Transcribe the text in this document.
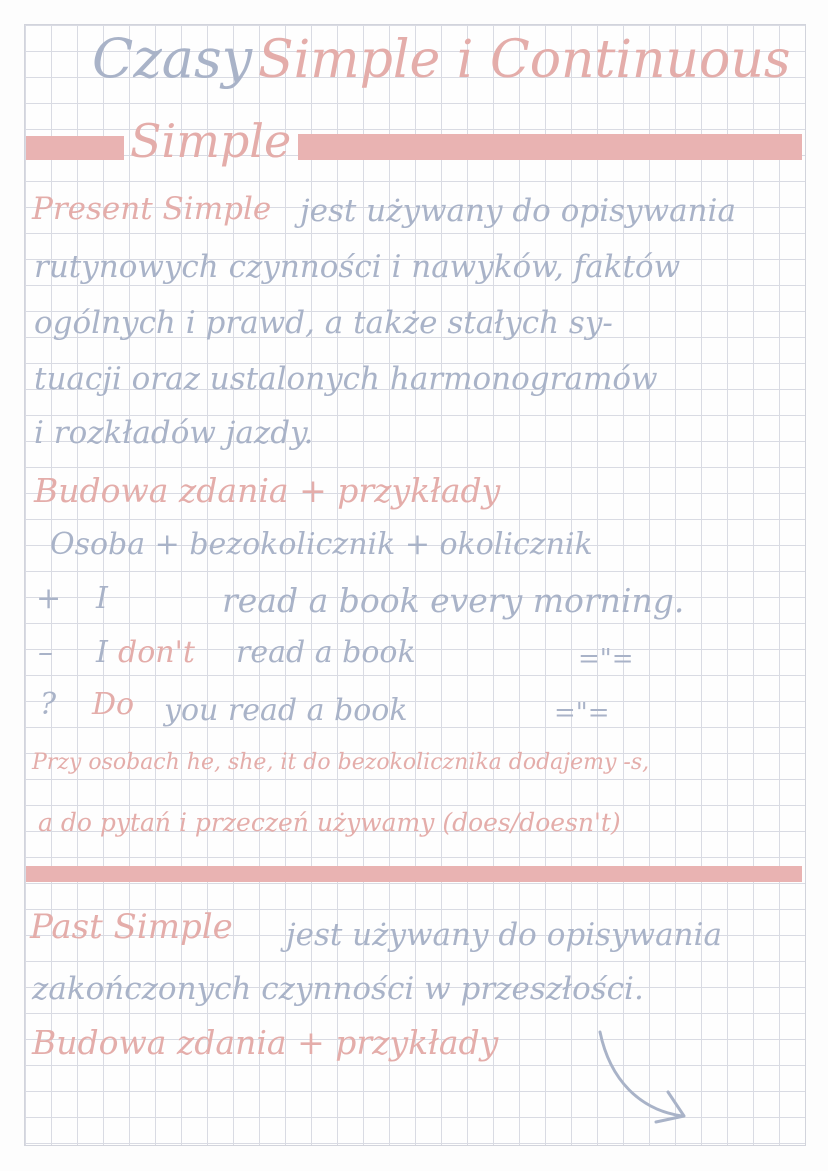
Czasy Simple i Continuous
Simple
Present Simple jest używany do opisywania
rutynowych czynności i nawyków, faktów
ogólnych i prawd, a także stałych sy-
tuacji oraz ustalonych harmonogramów
i rozkładów jazdy.
Budowa zdania + przykłady
Osoba + bezokolicznik + okolicznik
+ I	read a book every morning.
– I don't read a book	="=
? Do you read a book	="=
Przy osobach he, she, it do bezokolicznika dodajemy -s,
a do pytań i przeczeń używamy (does/doesn't)
Past Simple jest używany do opisywania
zakończonych czynności w przeszłości.
Budowa zdania + przykłady
